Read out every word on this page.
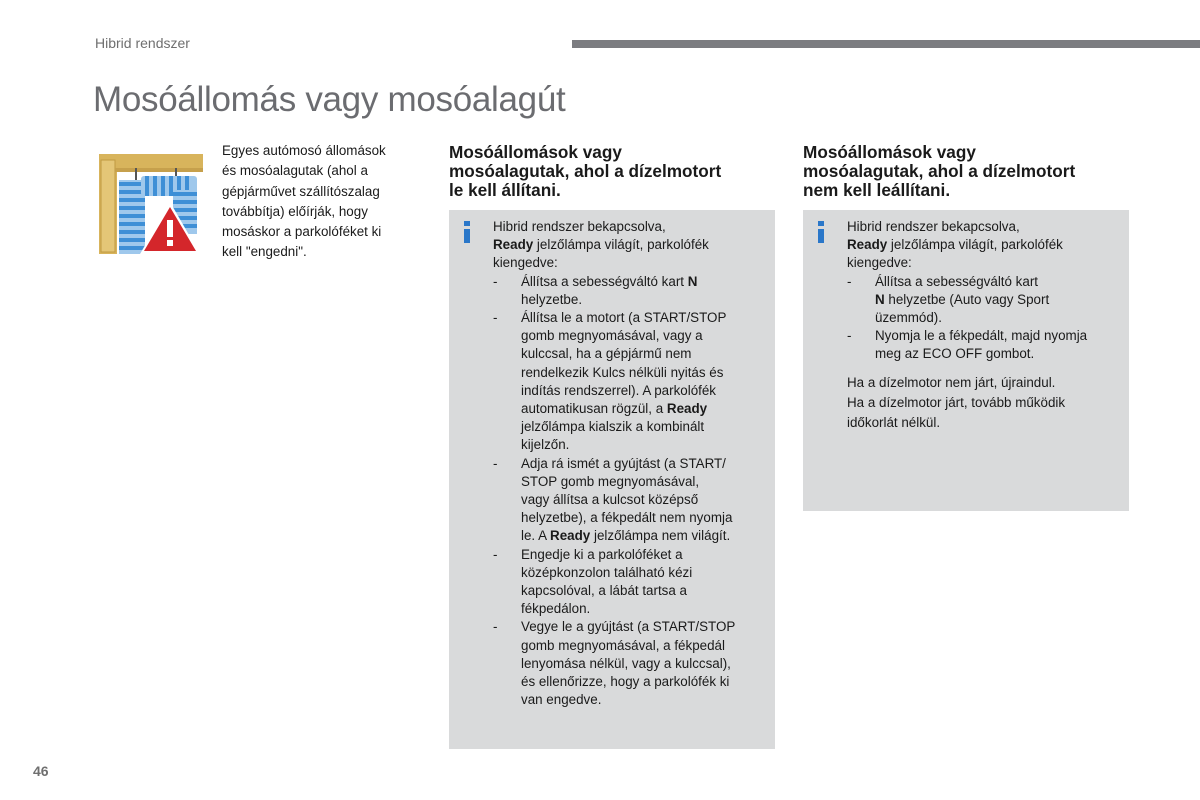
Hibrid rendszer
Mosóállomás vagy mosóalagút
Egyes autómosó állomások
és mosóalagutak (ahol a
gépjárművet szállítószalag
továbbítja) előírják, hogy
mosáskor a parkolóféket ki
kell "engedni".
Mosóállomások vagy
mosóalagutak, ahol a dízelmotort
le kell állítani.

Hibrid rendszer bekapcsolva,

Ready jelzőlámpa világít, parkolófék

kiengedve:

- Állítsa a sebességváltó kart N
helyzetbe.
- Állítsa le a motort (a START/STOP
gomb megnyomásával, vagy a
kulccsal, ha a gépjármű nem
rendelkezik Kulcs nélküli nyitás és
indítás rendszerrel). A parkolófék
automatikusan rögzül, a Ready
jelzőlámpa kialszik a kombinált
kijelzőn.
- Adja rá ismét a gyújtást (a START/
STOP gomb megnyomásával,
vagy állítsa a kulcsot középső
helyzetbe), a fékpedált nem nyomja
le. A Ready jelzőlámpa nem világít.
- Engedje ki a parkolóféket a
középkonzolon található kézi
kapcsolóval, a lábát tartsa a
fékpedálon.
- Vegye le a gyújtást (a START/STOP
gomb megnyomásával, a fékpedál
lenyomása nélkül, vagy a kulccsal),
és ellenőrizze, hogy a parkolófék ki
van engedve.
Mosóállomások vagy
mosóalagutak, ahol a dízelmotort
nem kell leállítani.

Hibrid rendszer bekapcsolva,

Ready jelzőlámpa világít, parkolófék

kiengedve:

- Állítsa a sebességváltó kart
N helyzetbe (Auto vagy Sport
üzemmód).
- Nyomja le a fékpedált, majd nyomja
meg az ECO OFF gombot.
Ha a dízelmotor nem járt, újraindul.
Ha a dízelmotor járt, tovább működik
időkorlát nélkül.
46
